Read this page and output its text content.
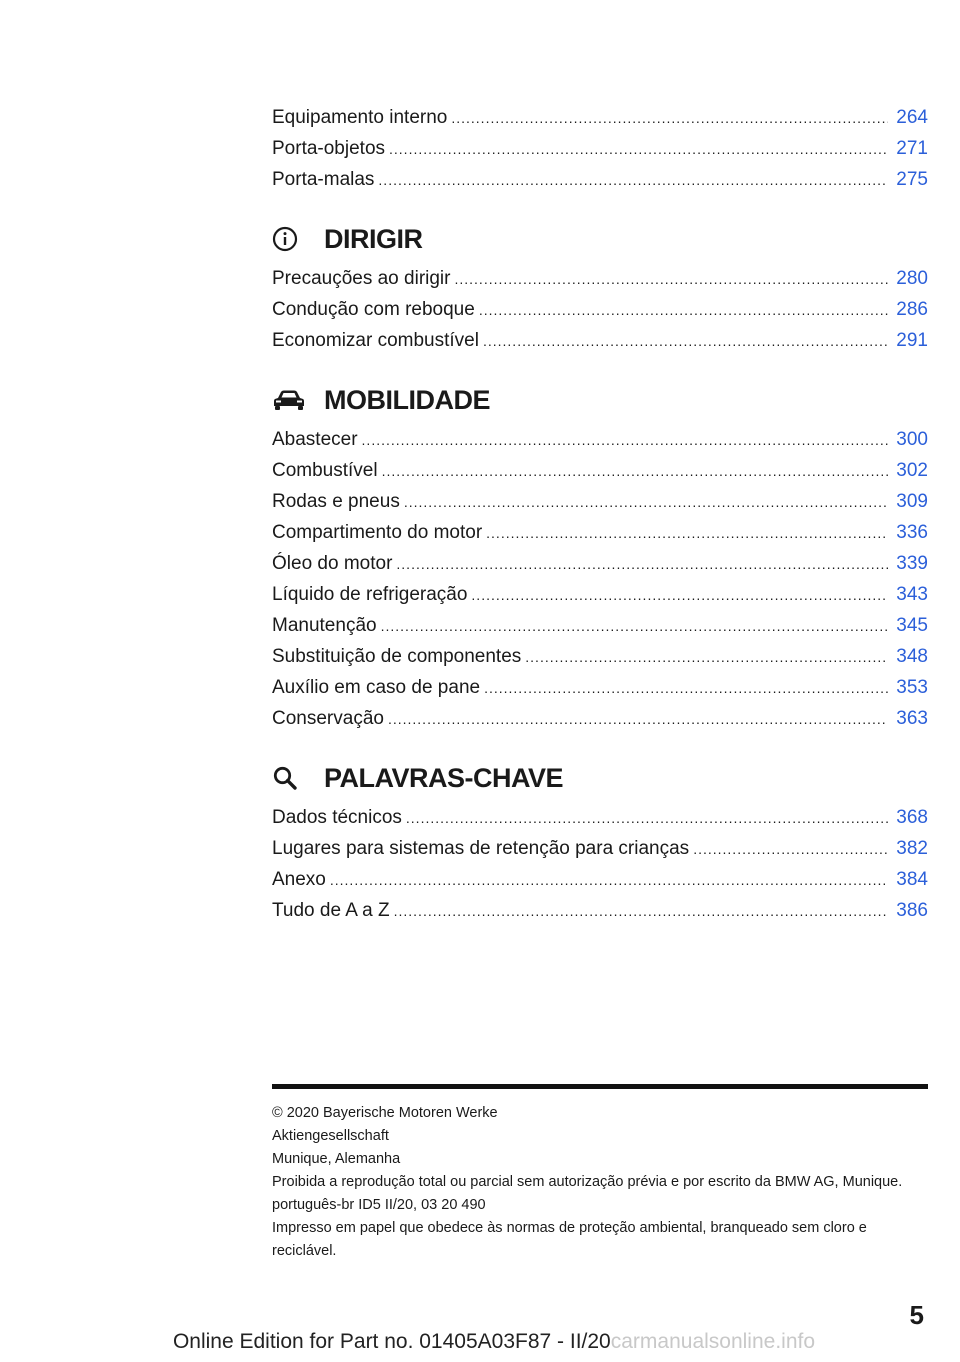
Equipamento interno .....	264
Porta-objetos .....	271
Porta-malas .....	275
DIRIGIR
Precauções ao dirigir .....	280
Condução com reboque .....	286
Economizar combustível .....	291
MOBILIDADE
Abastecer .....	300
Combustível .....	302
Rodas e pneus .....	309
Compartimento do motor .....	336
Óleo do motor .....	339
Líquido de refrigeração .....	343
Manutenção .....	345
Substituição de componentes .....	348
Auxílio em caso de pane .....	353
Conservação .....	363
PALAVRAS-CHAVE
Dados técnicos .....	368
Lugares para sistemas de retenção para crianças .....	382
Anexo .....	384
Tudo de A a Z .....	386

© 2020 Bayerische Motoren Werke

Aktiengesellschaft

Munique, Alemanha

Proibida a reprodução total ou parcial sem autorização prévia e por escrito da BMW AG, Munique.

português-br ID5 II/20, 03 20 490

Impresso em papel que obedece às normas de proteção ambiental, branqueado sem cloro e reciclável.

5
Online Edition for Part no. 01405A03F87 - II/20carmanualsonline.info
